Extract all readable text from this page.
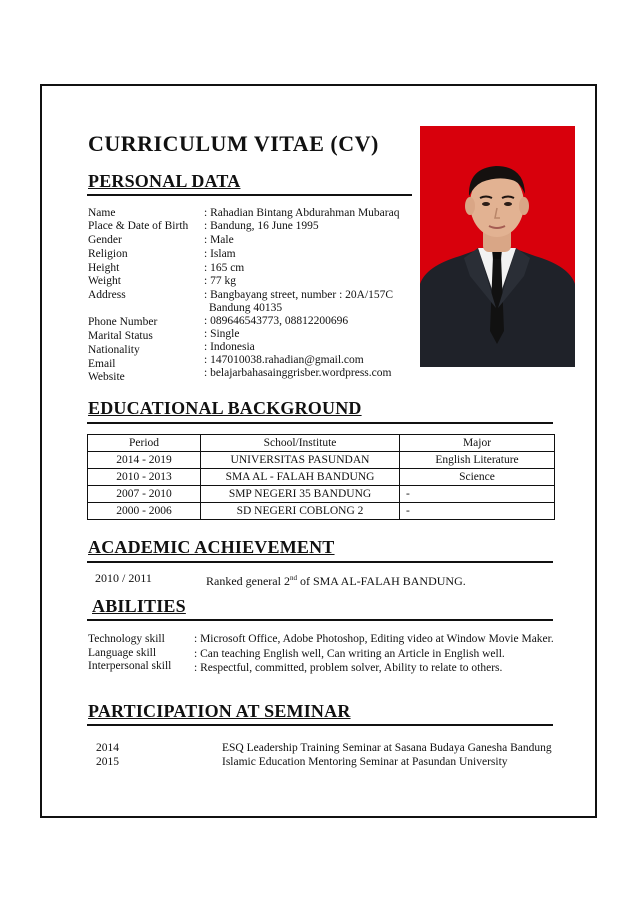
CURRICULUM VITAE (CV)
PERSONAL DATA
Name	: Rahadian Bintang Abdurahman Mubaraq
Place & Date of Birth : Bandung, 16 June 1995
Gender	: Male
Religion	: Islam
Height	: 165 cm
Weight	: 77 kg
Address	: Bangbayang street, number : 20A/157C
Bandung 40135
Phone Number	: 089646543773, 08812200696
Marital Status	: Single
Nationality	: Indonesia
Email	: 147010038.rahadian@gmail.com
Website	: belajarbahasainggrisber.wordpress.com
EDUCATIONAL BACKGROUND
Period	School/Institute	Major
2014 - 2019	UNIVERSITAS PASUNDAN	English Literature
2010 - 2013	SMA AL - FALAH BANDUNG	Science
2007 - 2010	SMP NEGERI 35 BANDUNG	-
2000 - 2006	SD NEGERI COBLONG 2	-
ACADEMIC ACHIEVEMENT
2010 / 2011	Ranked general 2nd of SMA AL-FALAH BANDUNG.
ABILITIES
Technology skill	: Microsoft Office, Adobe Photoshop, Editing video at Window Movie Maker.
Language skill	: Can teaching English well, Can writing an Article in English well.
Interpersonal skill : Respectful, committed, problem solver, Ability to relate to others.
PARTICIPATION AT SEMINAR
2014	ESQ Leadership Training Seminar at Sasana Budaya Ganesha Bandung
2015	Islamic Education Mentoring Seminar at Pasundan University
